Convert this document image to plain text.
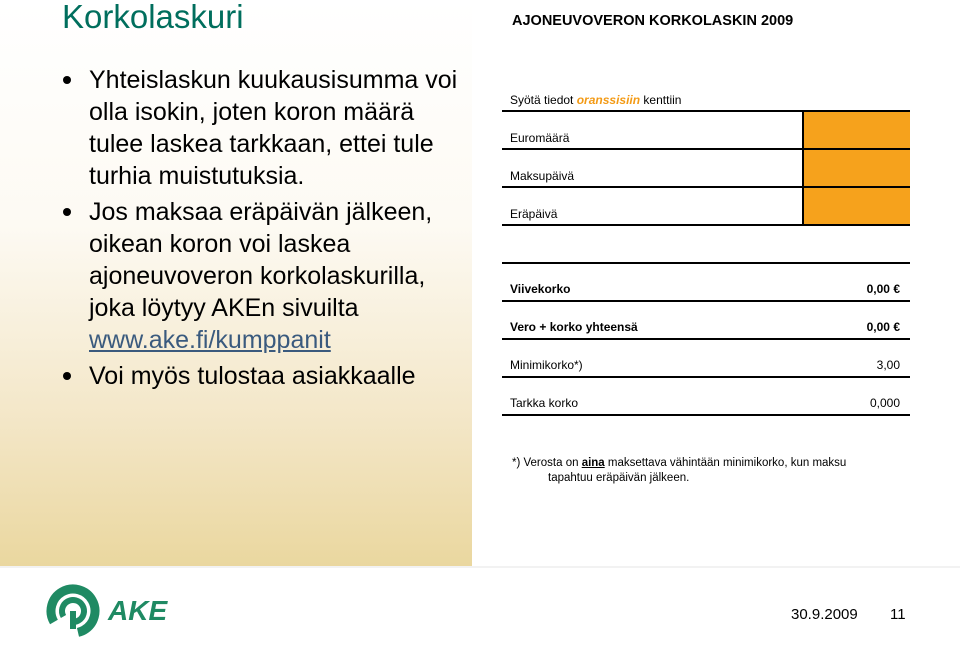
Korkolaskuri
Yhteislaskun kuukausisumma voi olla isokin, joten koron määrä tulee laskea tarkkaan, ettei tule turhia muistutuksia.
Jos maksaa eräpäivän jälkeen, oikean koron voi laskea ajoneuvoveron korkolaskurilla, joka löytyy AKEn sivuilta www.ake.fi/kumppanit
Voi myös tulostaa asiakkaalle
AJONEUVOVERON KORKOLASKIN 2009
Syötä tiedot oranssisiin kenttiin
Euromäärä
Maksupäivä
Eräpäivä
Viivekorko	0,00 €
Vero + korko yhteensä	0,00 €
Minimikorko*)	3,00
Tarkka korko	0,000
*) Verosta on aina maksettava vähintään minimikorko, kun maksu
tapahtuu eräpäivän jälkeen.
AKE	30.9.2009 11
